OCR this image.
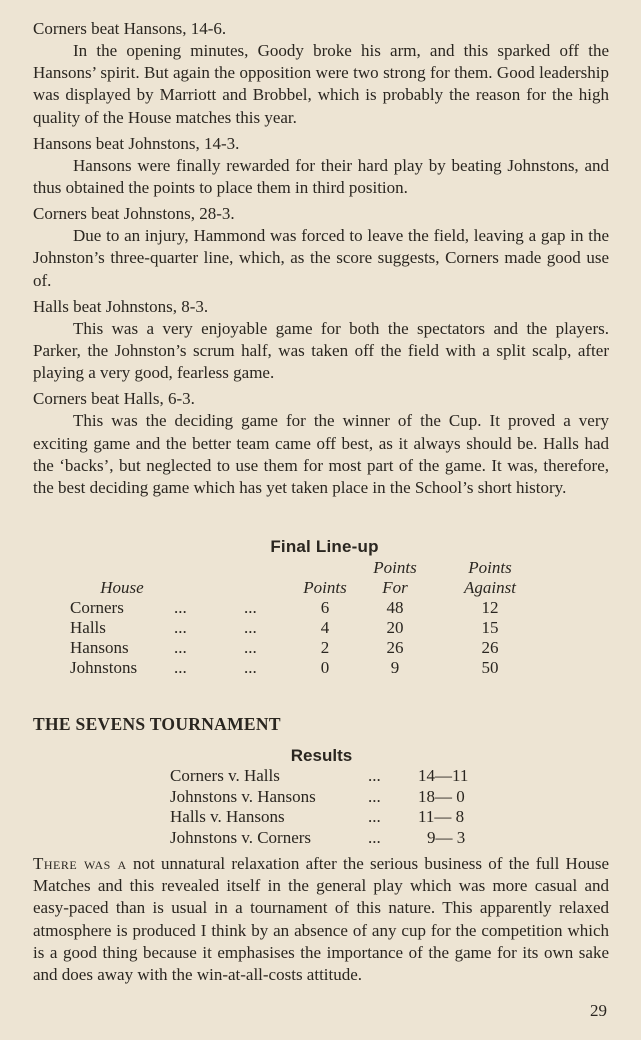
Corners beat Hansons, 14-6.

In the opening minutes, Goody broke his arm, and this sparked off the Hansons’ spirit. But again the opposition were two strong for them. Good leadership was displayed by Marriott and Brobbel, which is probably the reason for the high quality of the House matches this year.

Hansons beat Johnstons, 14-3.

Hansons were finally rewarded for their hard play by beating Johnstons, and thus obtained the points to place them in third position.

Corners beat Johnstons, 28-3.

Due to an injury, Hammond was forced to leave the field, leaving a gap in the Johnston’s three-quarter line, which, as the score suggests, Corners made good use of.

Halls beat Johnstons, 8-3.

This was a very enjoyable game for both the spectators and the players. Parker, the Johnston’s scrum half, was taken off the field with a split scalp, after playing a very good, fearless game.

Corners beat Halls, 6-3.

This was the deciding game for the winner of the Cup. It proved a very exciting game and the better team came off best, as it always should be. Halls had the ‘backs’, but neglected to use them for most part of the game. It was, therefore, the best deciding game which has yet taken place in the School’s short history.

Final Line-up
				Points	Points
House			Points	For	Against
Corners	...	...	6	48	12
Halls	...	...	4	20	15
Hansons	...	...	2	26	26
Johnstons	...	...	0	9	50
THE SEVENS TOURNAMENT
Results
Corners v. Halls	...	14—11
Johnstons v. Hansons	...	18— 0
Halls v. Hansons	...	11— 8
Johnstons v. Corners	...	9— 3

There was a not unnatural relaxation after the serious business of the full House Matches and this revealed itself in the general play which was more casual and easy-paced than is usual in a tournament of this nature. This apparently relaxed atmosphere is produced I think by an absence of any cup for the competition which is a good thing because it emphasises the importance of the game for its own sake and does away with the win-at-all-costs attitude.

29
